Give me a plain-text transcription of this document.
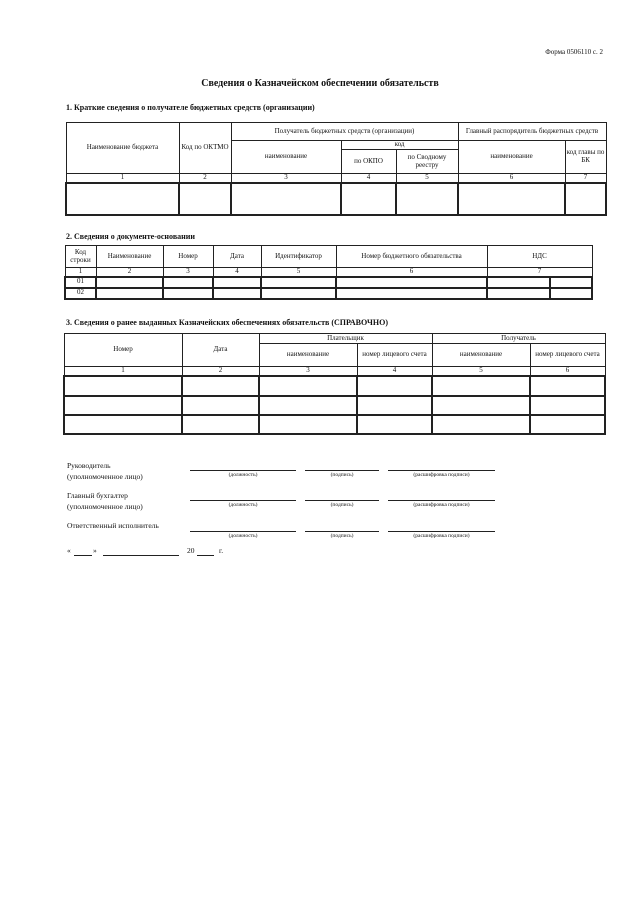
Форма 0506110 с. 2
Сведения о Казначейском обеспечении обязательств
1. Краткие сведения о получателе бюджетных средств (организации)
Наименование бюджета	Код по ОКТМО	Получатель бюджетных средств (организации)			Главный распорядитель бюджетных средств	
		наименование	код		наименование	код главы по БК
			по ОКПО	по Сводному реестру		
1	2	3	4	5	6	7

2. Сведения о документе-основании
Код строки	Наименование	Номер	Дата	Идентификатор	Номер бюджетного обязательства	НДС	
1	2	3	4	5	6	7	
01							
02							
3. Сведения о ранее выданных Казначейских обеспечениях обязательств (СПРАВОЧНО)
Номер	Дата	Плательщик		Получатель	
		наименование	номер лицевого счета	наименование	номер лицевого счета
1	2	3	4	5	6

Руководитель
(уполномоченное лицо)	(должность)	(подпись)	(расшифровка подписи)
Главный бухгалтер
(уполномоченное лицо)	(должность)	(подпись)	(расшифровка подписи)
Ответственный исполнитель
(должность)	(подпись)	(расшифровка подписи)
«	»	20	г.
